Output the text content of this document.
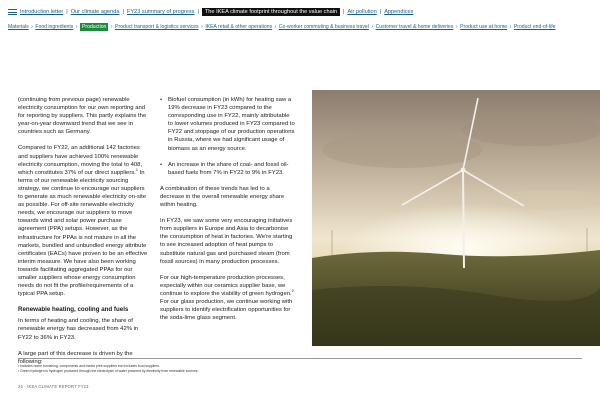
Introduction letter | Our climate agenda | FY23 summary of progress |	The IKEA climate footprint throughout the value chain	| Air pollution | Appendices
Materials › Food ingredients › Production › Product transport & logistics services › IKEA retail & other operations › Co-worker commuting & business travel › Customer travel & home deliveries › Product use at home › Product end-of-life

(continuing from previous page) renewable electricity consumption for our own reporting and for reporting by suppliers. This partly explains the year-on-year downward trend that we see in countries such as Germany.

Compared to FY22, an additional 142 factories and suppliers have achieved 100% renewable electricity consumption, moving the total to 408, which constitutes 37% of our direct suppliers.$^1$ In terms of our renewable electricity sourcing strategy, we continue to encourage our suppliers to generate as much renewable electricity on-site as possible. For off-site renewable electricity needs, we encourage our suppliers to move towards wind and solar power purchase agreement (PPA) setups. However, as the infrastructure for PPAs is not mature in all the markets, bundled and unbundled energy attribute certificates (EACs) have proven to be an effective interim measure. We have also been working towards facilitating aggregated PPAs for our smaller suppliers whose energy consumption needs do not fit the profile/requirements of a typical PPA setup.

Renewable heating, cooling and fuels

In terms of heating and cooling, the share of renewable energy has decreased from 42% in FY22 to 36% in FY23.

A large part of this decrease is driven by the following:

•	Biofuel consumption (in kWh) for heating saw a 19% decrease in FY23 compared to the corresponding use in FY22, mainly attributable to lower volumes produced in FY23 compared to FY22 and stoppage of our production operations in Russia, where we had significant usage of biomass as an energy source.
•	An increase in the share of coal- and fossil oil-based fuels from 7% in FY22 to 9% in FY23.

A combination of these trends has led to a decrease in the overall renewable energy share within heating.

In FY23, we saw some very encouraging initiatives from suppliers in Europe and Asia to decarbonise the consumption of heat in factories. We're starting to see increased adoption of heat pumps to substitute natural gas and purchased steam (from fossil sources) in many production processes.

For our high-temperature production processes, especially within our ceramics supplier base, we continue to explore the viability of green hydrogen.$^2$ For our glass production, we continue working with suppliers to identify electrification opportunities for the soda-lime glass segment.

¹ Includes home furnishing, components and media print suppliers but excludes food suppliers.
² Green hydrogen is hydrogen produced through the electrolysis of water powered by electricity from renewable sources.
26 · IKEA CLIMATE REPORT FY23
